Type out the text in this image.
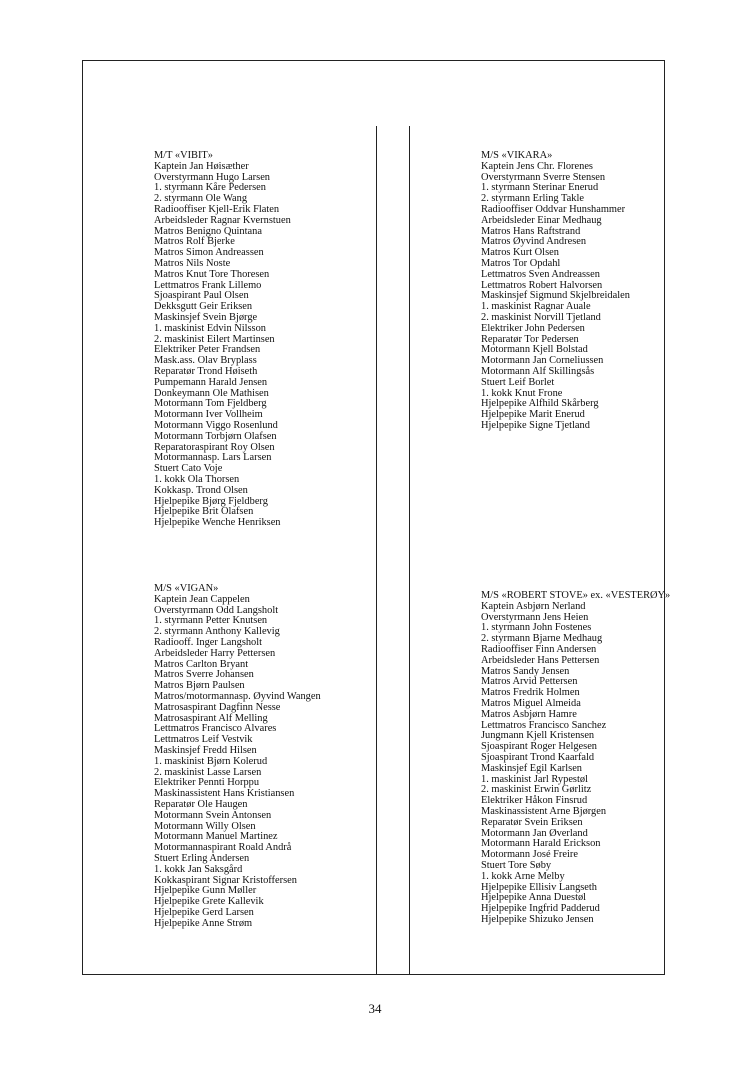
M/T «VIBIT»
Kaptein Jan Høisæther
Overstyrmann Hugo Larsen
1. styrmann Kåre Pedersen
2. styrmann Ole Wang
Radiooffiser Kjell-Erik Flaten
Arbeidsleder Ragnar Kvernstuen
Matros Benigno Quintana
Matros Rolf Bjerke
Matros Simon Andreassen
Matros Nils Noste
Matros Knut Tore Thoresen
Lettmatros Frank Lillemo
Sjoaspirant Paul Olsen
Dekksgutt Geir Eriksen
Maskinsjef Svein Bjørge
1. maskinist Edvin Nilsson
2. maskinist Eilert Martinsen
Elektriker Peter Frandsen
Mask.ass. Olav Bryplass
Reparatør Trond Høiseth
Pumpemann Harald Jensen
Donkeymann Ole Mathisen
Motormann Tom Fjeldberg
Motormann Iver Vollheim
Motormann Viggo Rosenlund
Motormann Torbjørn Olafsen
Reparatoraspirant Roy Olsen
Motormannasp. Lars Larsen
Stuert Cato Voje
1. kokk Ola Thorsen
Kokkasp. Trond Olsen
Hjelpepike Bjørg Fjeldberg
Hjelpepike Brit Olafsen
Hjelpepike Wenche Henriksen
M/S «VIKARA»
Kaptein Jens Chr. Florenes
Overstyrmann Sverre Stensen
1. styrmann Sterinar Enerud
2. styrmann Erling Takle
Radiooffiser Oddvar Hunshammer
Arbeidsleder Einar Medhaug
Matros Hans Raftstrand
Matros Øyvind Andresen
Matros Kurt Olsen
Matros Tor Opdahl
Lettmatros Sven Andreassen
Lettmatros Robert Halvorsen
Maskinsjef Sigmund Skjelbreidalen
1. maskinist Ragnar Auale
2. maskinist Norvill Tjetland
Elektriker John Pedersen
Reparatør Tor Pedersen
Motormann Kjell Bolstad
Motormann Jan Corneliussen
Motormann Alf Skillingsås
Stuert Leif Borlet
1. kokk Knut Frone
Hjelpepike Alfhild Skårberg
Hjelpepike Marit Enerud
Hjelpepike Signe Tjetland
M/S «VIGAN»
Kaptein Jean Cappelen
Overstyrmann Odd Langsholt
1. styrmann Petter Knutsen
2. styrmann Anthony Kallevig
Radiooff. Inger Langsholt
Arbeidsleder Harry Pettersen
Matros Carlton Bryant
Matros Sverre Johansen
Matros Bjørn Paulsen
Matros/motormannasp. Øyvind Wangen
Matrosaspirant Dagfinn Nesse
Matrosaspirant Alf Melling
Lettmatros Francisco Alvares
Lettmatros Leif Vestvik
Maskinsjef Fredd Hilsen
1. maskinist Bjørn Kolerud
2. maskinist Lasse Larsen
Elektriker Pennti Horppu
Maskinassistent Hans Kristiansen
Reparatør Ole Haugen
Motormann Svein Antonsen
Motormann Willy Olsen
Motormann Manuel Martinez
Motormannaspirant Roald Andrå
Stuert Erling Andersen
1. kokk Jan Saksgård
Kokkaspirant Signar Kristoffersen
Hjelpepike Gunn Møller
Hjelpepike Grete Kallevik
Hjelpepike Gerd Larsen
Hjelpepike Anne Strøm
M/S «ROBERT STOVE» ex. «VESTERØY»
Kaptein Asbjørn Nerland
Overstyrmann Jens Heien
1. styrmann John Fostenes
2. styrmann Bjarne Medhaug
Radiooffiser Finn Andersen
Arbeidsleder Hans Pettersen
Matros Sandy Jensen
Matros Arvid Pettersen
Matros Fredrik Holmen
Matros Miguel Almeida
Matros Asbjørn Hamre
Lettmatros Francisco Sanchez
Jungmann Kjell Kristensen
Sjoaspirant Roger Helgesen
Sjoaspirant Trond Kaarfald
Maskinsjef Egil Karlsen
1. maskinist Jarl Rypestøl
2. maskinist Erwin Gørlitz
Elektriker Håkon Finsrud
Maskinassistent Arne Bjørgen
Reparatør Svein Eriksen
Motormann Jan Øverland
Motormann Harald Erickson
Motormann José Freire
Stuert Tore Søby
1. kokk Arne Melby
Hjelpepike Ellisiv Langseth
Hjelpepike Anna Duestøl
Hjelpepike Ingfrid Padderud
Hjelpepike Shizuko Jensen
34
